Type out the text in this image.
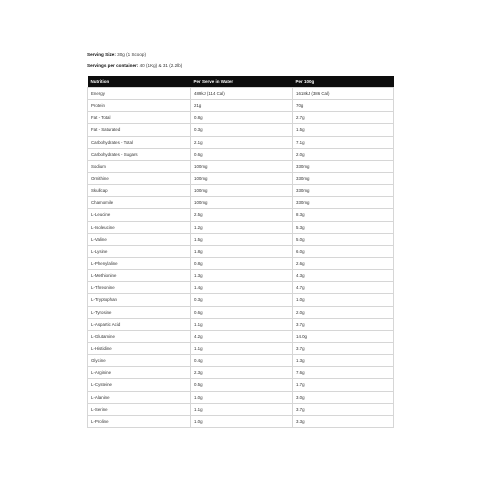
Serving Size: 30g (1 Scoop)
Servings per container: 40 (1Kg) & 31 (2.2lb)
Nutrition	Per Serve in Water	Per 100g
Energy	489kJ (114 Cal)	1618kJ (386 Cal)
Protein	21g	70g
Fat - Total	0.8g	2.7g
Fat - Saturated	0.3g	1.5g
Carbohydrates - Total	2.1g	7.1g
Carbohydrates - Sugars	0.6g	2.0g
Sodium	100mg	330mg
Ornithine	100mg	330mg
Skullcap	100mg	330mg
Chamomile	100mg	330mg
L-Leucine	2.5g	8.3g
L-Isoleucine	1.2g	5.3g
L-Valine	1.5g	5.0g
L-Lysine	1.8g	6.0g
L-Phenylaline	0.8g	2.6g
L-Methionine	1.3g	4.3g
L-Threonine	1.4g	4.7g
L-Tryptophan	0.3g	1.0g
L-Tyrosine	0.6g	2.0g
L-Aspartic Acid	1.1g	3.7g
L-Glutamine	4.2g	14.0g
L-Histidine	1.1g	3.7g
Glycine	0.4g	1.3g
L-Arginine	2.3g	7.6g
L-Cysteine	0.5g	1.7g
L-Alanine	1.0g	3.0g
L-Serine	1.1g	3.7g
L-Proline	1.0g	3.3g
